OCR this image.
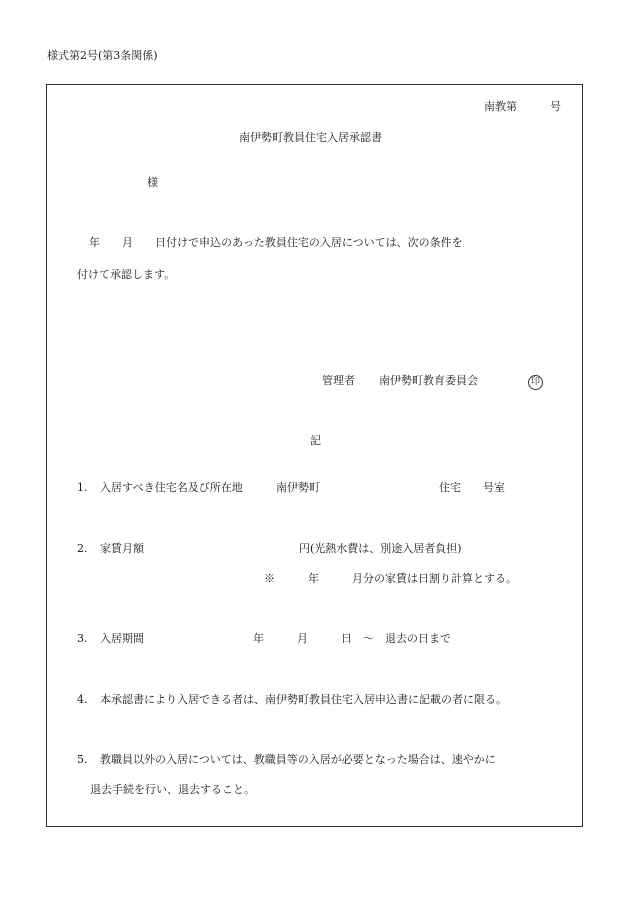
様式第2号(第3条関係)
南教第　　　号
南伊勢町教員住宅入居承認書
様
年　　月　　日付けで申込のあった教員住宅の入居については、次の条件を
付けて承認します。
管理者 南伊勢町教育委員会	印
記
1. 入居すべき住宅名及び所在地	南伊勢町	住宅　　号室
2. 家賃月額	円(光熱水費は、別途入居者負担)
※　　　年　　　月分の家賃は日割り計算とする。
3. 入居期間	年　　　月　　　日　～　退去の日まで
4. 本承認書により入居できる者は、南伊勢町教員住宅入居申込書に記載の者に限る。
5. 教職員以外の入居については、教職員等の入居が必要となった場合は、速やかに
退去手続を行い、退去すること。
